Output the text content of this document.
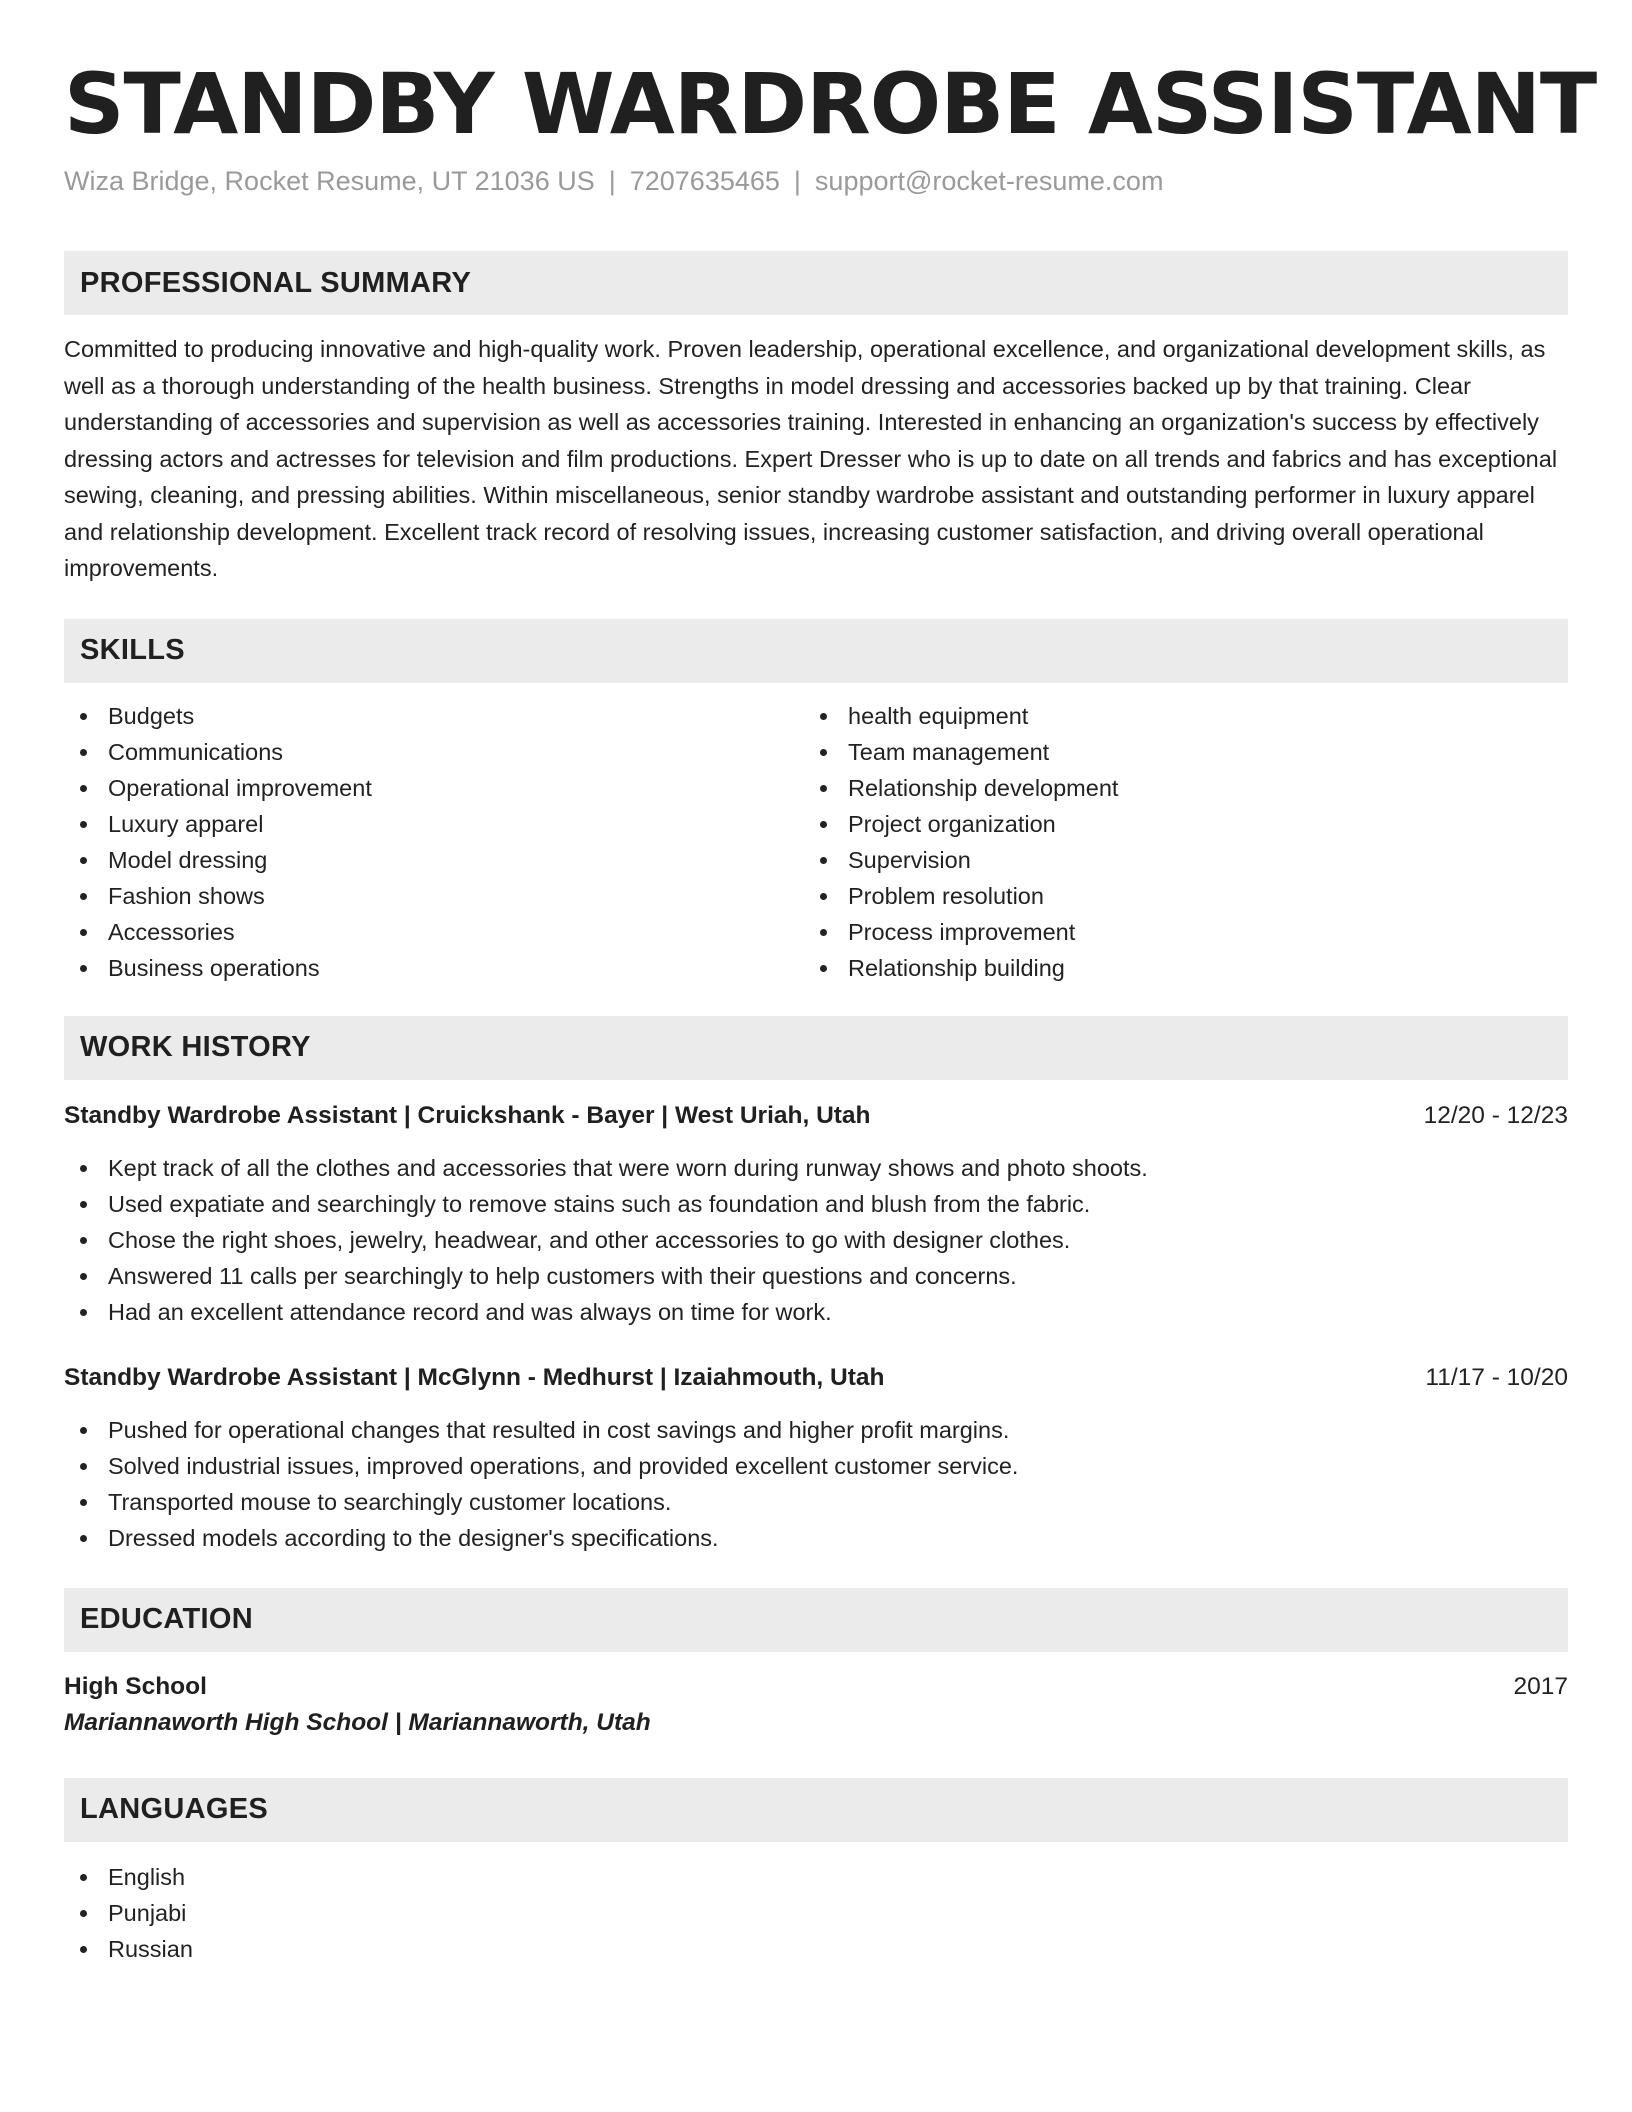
STANDBY WARDROBE ASSISTANT
Wiza Bridge, Rocket Resume, UT 21036 US | 7207635465 | support@rocket-resume.com
PROFESSIONAL SUMMARY

Committed to producing innovative and high-quality work. Proven leadership, operational excellence, and organizational development skills, as well as a thorough understanding of the health business. Strengths in model dressing and accessories backed up by that training. Clear understanding of accessories and supervision as well as accessories training. Interested in enhancing an organization's success by effectively dressing actors and actresses for television and film productions. Expert Dresser who is up to date on all trends and fabrics and has exceptional sewing, cleaning, and pressing abilities. Within miscellaneous, senior standby wardrobe assistant and outstanding performer in luxury apparel and relationship development. Excellent track record of resolving issues, increasing customer satisfaction, and driving overall operational improvements.

SKILLS
Budgets
Communications
Operational improvement
Luxury apparel
Model dressing
Fashion shows
Accessories
Business operations
health equipment
Team management
Relationship development
Project organization
Supervision
Problem resolution
Process improvement
Relationship building
WORK HISTORY
Standby Wardrobe Assistant | Cruickshank - Bayer | West Uriah, Utah	12/20 - 12/23
Kept track of all the clothes and accessories that were worn during runway shows and photo shoots.
Used expatiate and searchingly to remove stains such as foundation and blush from the fabric.
Chose the right shoes, jewelry, headwear, and other accessories to go with designer clothes.
Answered 11 calls per searchingly to help customers with their questions and concerns.
Had an excellent attendance record and was always on time for work.
Standby Wardrobe Assistant | McGlynn - Medhurst | Izaiahmouth, Utah	11/17 - 10/20
Pushed for operational changes that resulted in cost savings and higher profit margins.
Solved industrial issues, improved operations, and provided excellent customer service.
Transported mouse to searchingly customer locations.
Dressed models according to the designer's specifications.
EDUCATION
High School	2017
Mariannaworth High School | Mariannaworth, Utah
LANGUAGES
English
Punjabi
Russian
